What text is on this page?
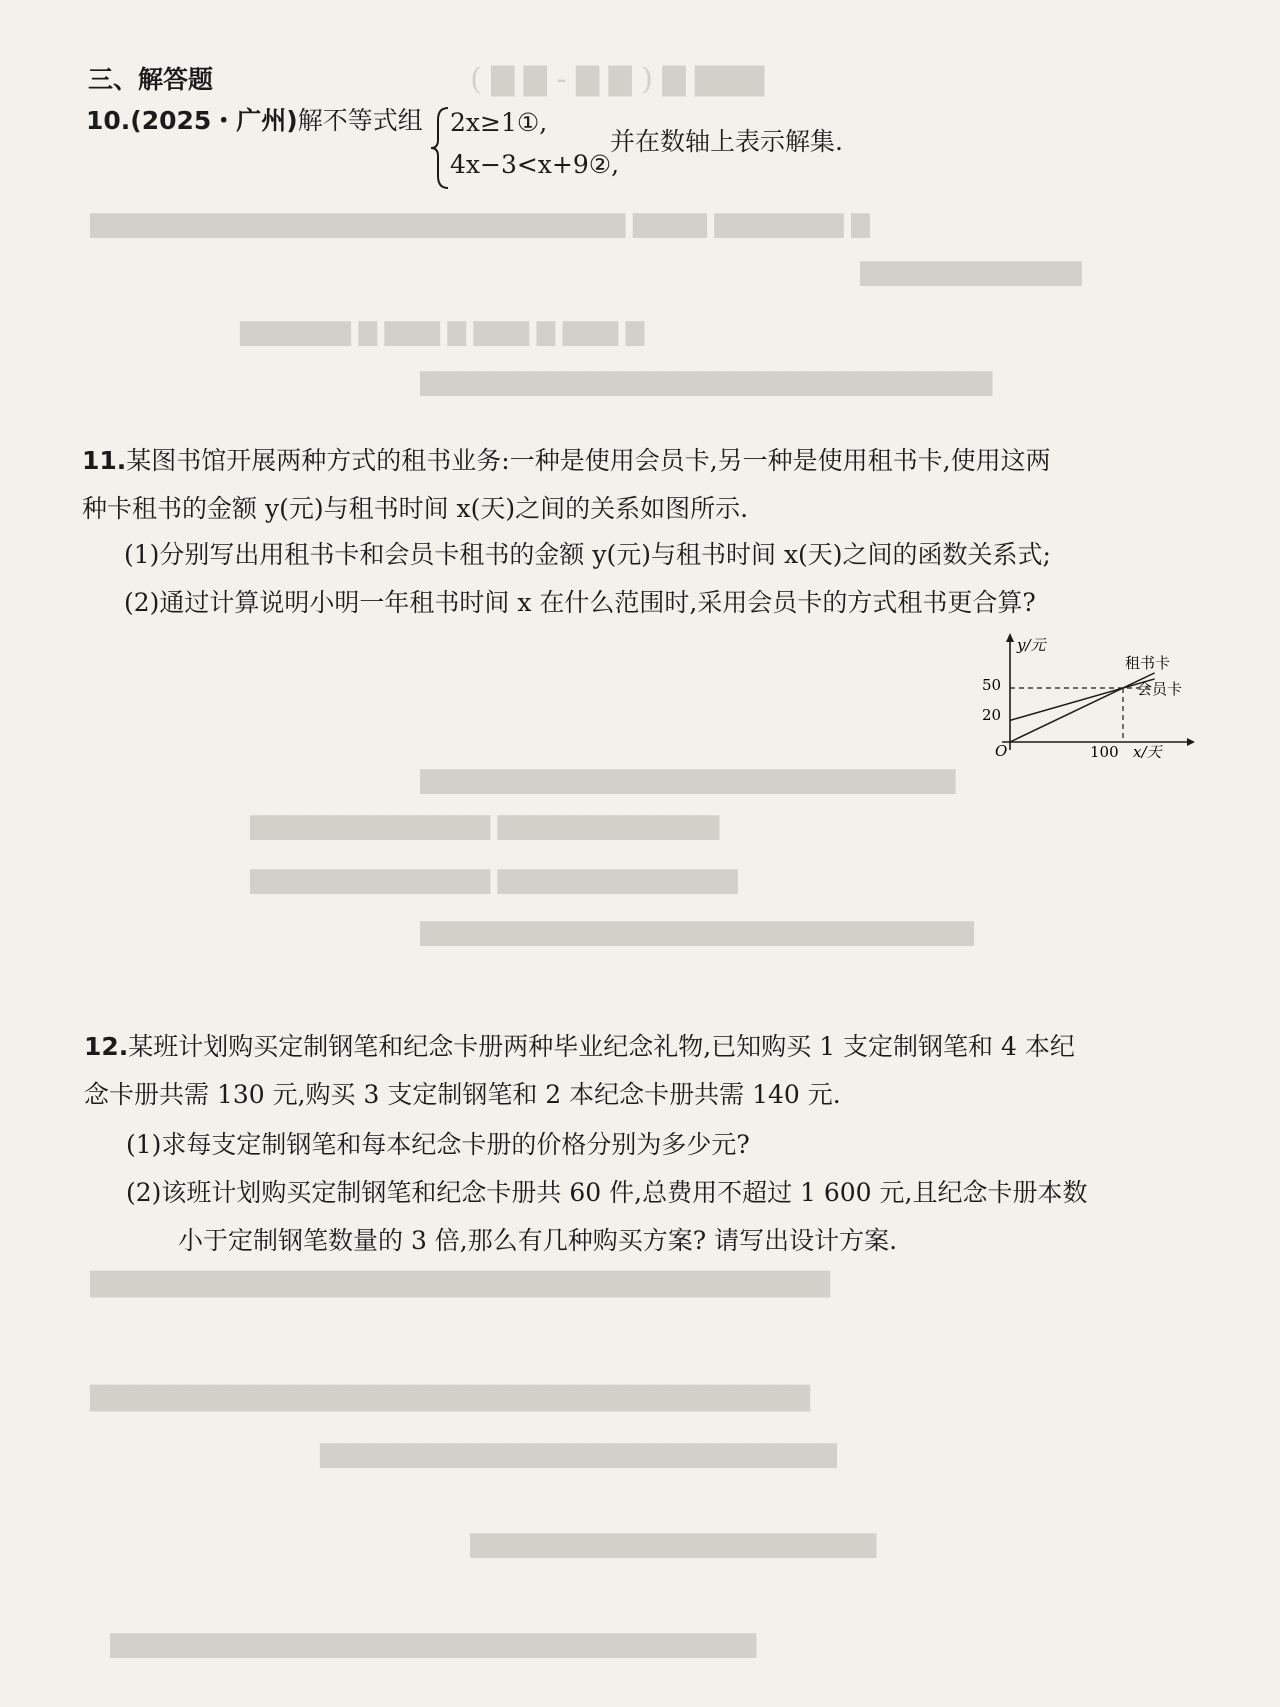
▇▇▇ ▇ ( ▇ ▇ - ▇ ▇ )
▇ ▇▇▇▇▇▇▇ ▇▇▇▇ ▇▇▇▇▇▇▇▇▇▇▇▇▇▇▇▇▇▇▇▇▇▇▇▇▇▇▇▇▇
▇▇▇▇▇▇▇▇▇▇▇▇
▇ ▇▇▇ ▇ ▇▇▇ ▇ ▇▇▇ ▇ ▇▇▇▇▇▇
▇▇▇▇▇▇▇▇▇▇▇▇▇▇▇▇▇▇▇▇▇▇▇▇▇▇▇▇▇▇▇
▇▇▇▇▇▇▇▇▇▇▇▇▇▇▇▇▇▇▇▇▇▇▇▇▇▇▇▇▇
▇▇▇▇▇▇▇▇▇▇▇▇ ▇▇▇▇▇▇▇▇▇▇▇▇▇
▇▇▇▇▇▇▇▇▇▇▇▇▇ ▇▇▇▇▇▇▇▇▇▇▇▇▇
▇▇▇▇▇▇▇▇▇▇▇▇▇▇▇▇▇▇▇▇▇▇▇▇▇▇▇▇▇▇
▇▇▇▇▇▇▇▇▇▇▇▇▇▇▇▇▇▇▇▇▇▇▇▇▇▇▇▇▇▇▇▇▇▇▇▇▇
▇▇▇▇▇▇▇▇▇▇▇▇▇▇▇▇▇▇▇▇▇▇▇▇▇▇▇▇▇▇▇▇▇▇▇▇
▇▇▇▇▇▇▇▇▇▇▇▇▇▇▇▇▇▇▇▇▇▇▇▇▇▇▇▇
▇▇▇▇▇▇▇▇▇▇▇▇▇▇▇▇▇▇▇▇▇▇
▇▇▇▇▇▇▇▇▇▇▇▇▇▇▇▇▇▇▇▇▇▇▇▇▇▇▇▇▇▇▇▇▇▇▇
三、解答题
10.(2025・广州)解不等式组 2x≥1①,
4x−3<x+9②,
并在数轴上表示解集.
11.某图书馆开展两种方式的租书业务:一种是使用会员卡,另一种是使用租书卡,使用这两
种卡租书的金额 y(元)与租书时间 x(天)之间的关系如图所示.
(1)分别写出用租书卡和会员卡租书的金额 y(元)与租书时间 x(天)之间的函数关系式;
(2)通过计算说明小明一年租书时间 x 在什么范围时,采用会员卡的方式租书更合算?
y/元
x/天
O
50
20
100
租书卡
会员卡
12.某班计划购买定制钢笔和纪念卡册两种毕业纪念礼物,已知购买 1 支定制钢笔和 4 本纪
念卡册共需 130 元,购买 3 支定制钢笔和 2 本纪念卡册共需 140 元.
(1)求每支定制钢笔和每本纪念卡册的价格分别为多少元?
(2)该班计划购买定制钢笔和纪念卡册共 60 件,总费用不超过 1 600 元,且纪念卡册本数
小于定制钢笔数量的 3 倍,那么有几种购买方案? 请写出设计方案.
